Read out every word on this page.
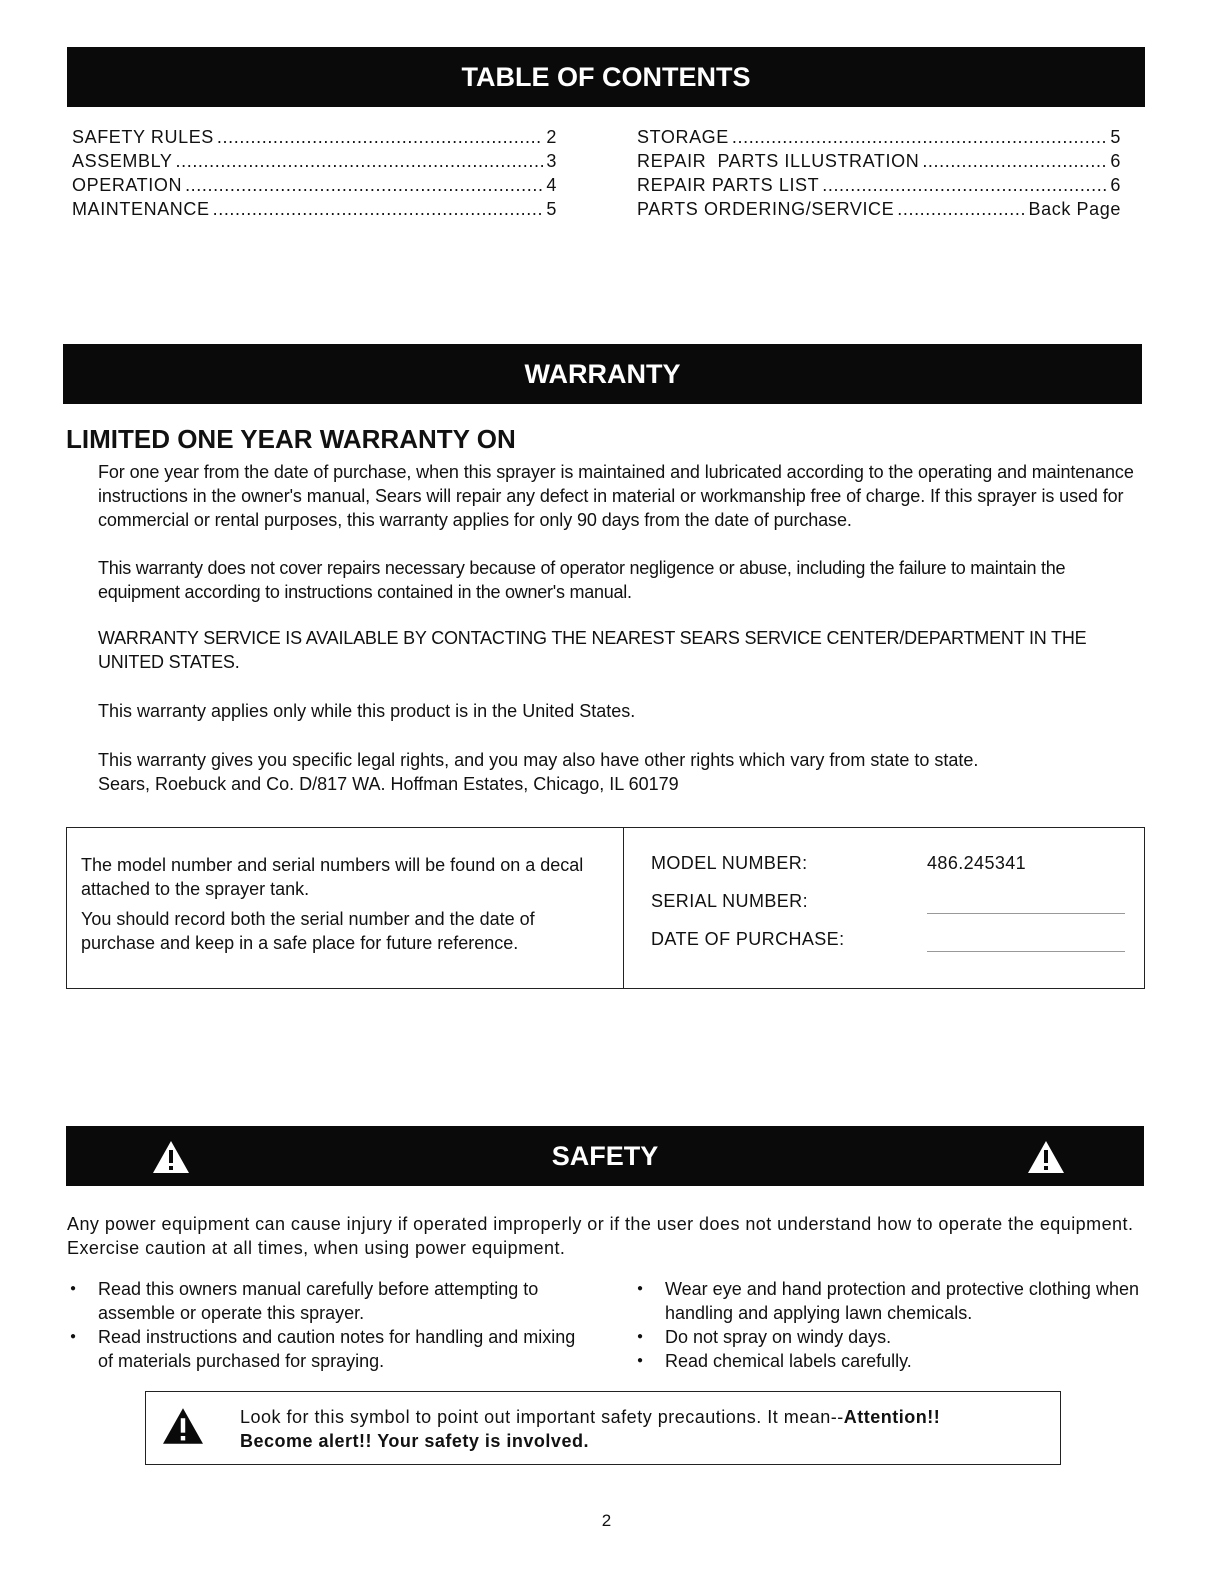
TABLE OF CONTENTS
SAFETY RULES .....	2
ASSEMBLY .....	3
OPERATION .....	4
MAINTENANCE .....	5
STORAGE .....	5
REPAIR  PARTS ILLUSTRATION .....	6
REPAIR PARTS LIST .....	6
PARTS ORDERING/SERVICE .....	Back Page
WARRANTY
LIMITED ONE YEAR WARRANTY ON
For one year from the date of purchase, when this sprayer is maintained and lubricated according to the operating and maintenance instructions in the owner's manual, Sears will repair any defect in material or workmanship free of charge. If this sprayer is used for commercial or rental purposes, this warranty applies for only 90 days from the date of purchase.
This warranty does not cover repairs necessary because of operator negligence or abuse, including the failure to maintain the equipment according to instructions contained in the owner's manual.
WARRANTY SERVICE IS AVAILABLE BY CONTACTING THE NEAREST SEARS SERVICE CENTER/DEPARTMENT IN THE UNITED STATES.
This warranty applies only while this product is in the United States.
This warranty gives you specific legal rights, and you may also have other rights which vary from state to state.
Sears, Roebuck and Co. D/817 WA. Hoffman Estates, Chicago, IL 60179
The model number and serial numbers will be found on a decal attached to the sprayer tank.
You should record both the serial number and the date of purchase and keep in a safe place for future reference.
MODEL NUMBER:	486.245341
SERIAL NUMBER:
DATE OF PURCHASE:
SAFETY
Any power equipment can cause injury if operated improperly or if the user does not understand how to operate the equipment. Exercise caution at all times, when using power equipment.
● Read this owners manual carefully before attempting to assemble or operate this sprayer.
● Read instructions and caution notes for handling and mixing of materials purchased for spraying.
● Wear eye and hand protection and protective clothing when handling and applying lawn chemicals.
● Do not spray on windy days.
● Read chemical labels carefully.
Look for this symbol to point out important safety precautions. It mean--Attention!!
Become alert!! Your safety is involved.
2
